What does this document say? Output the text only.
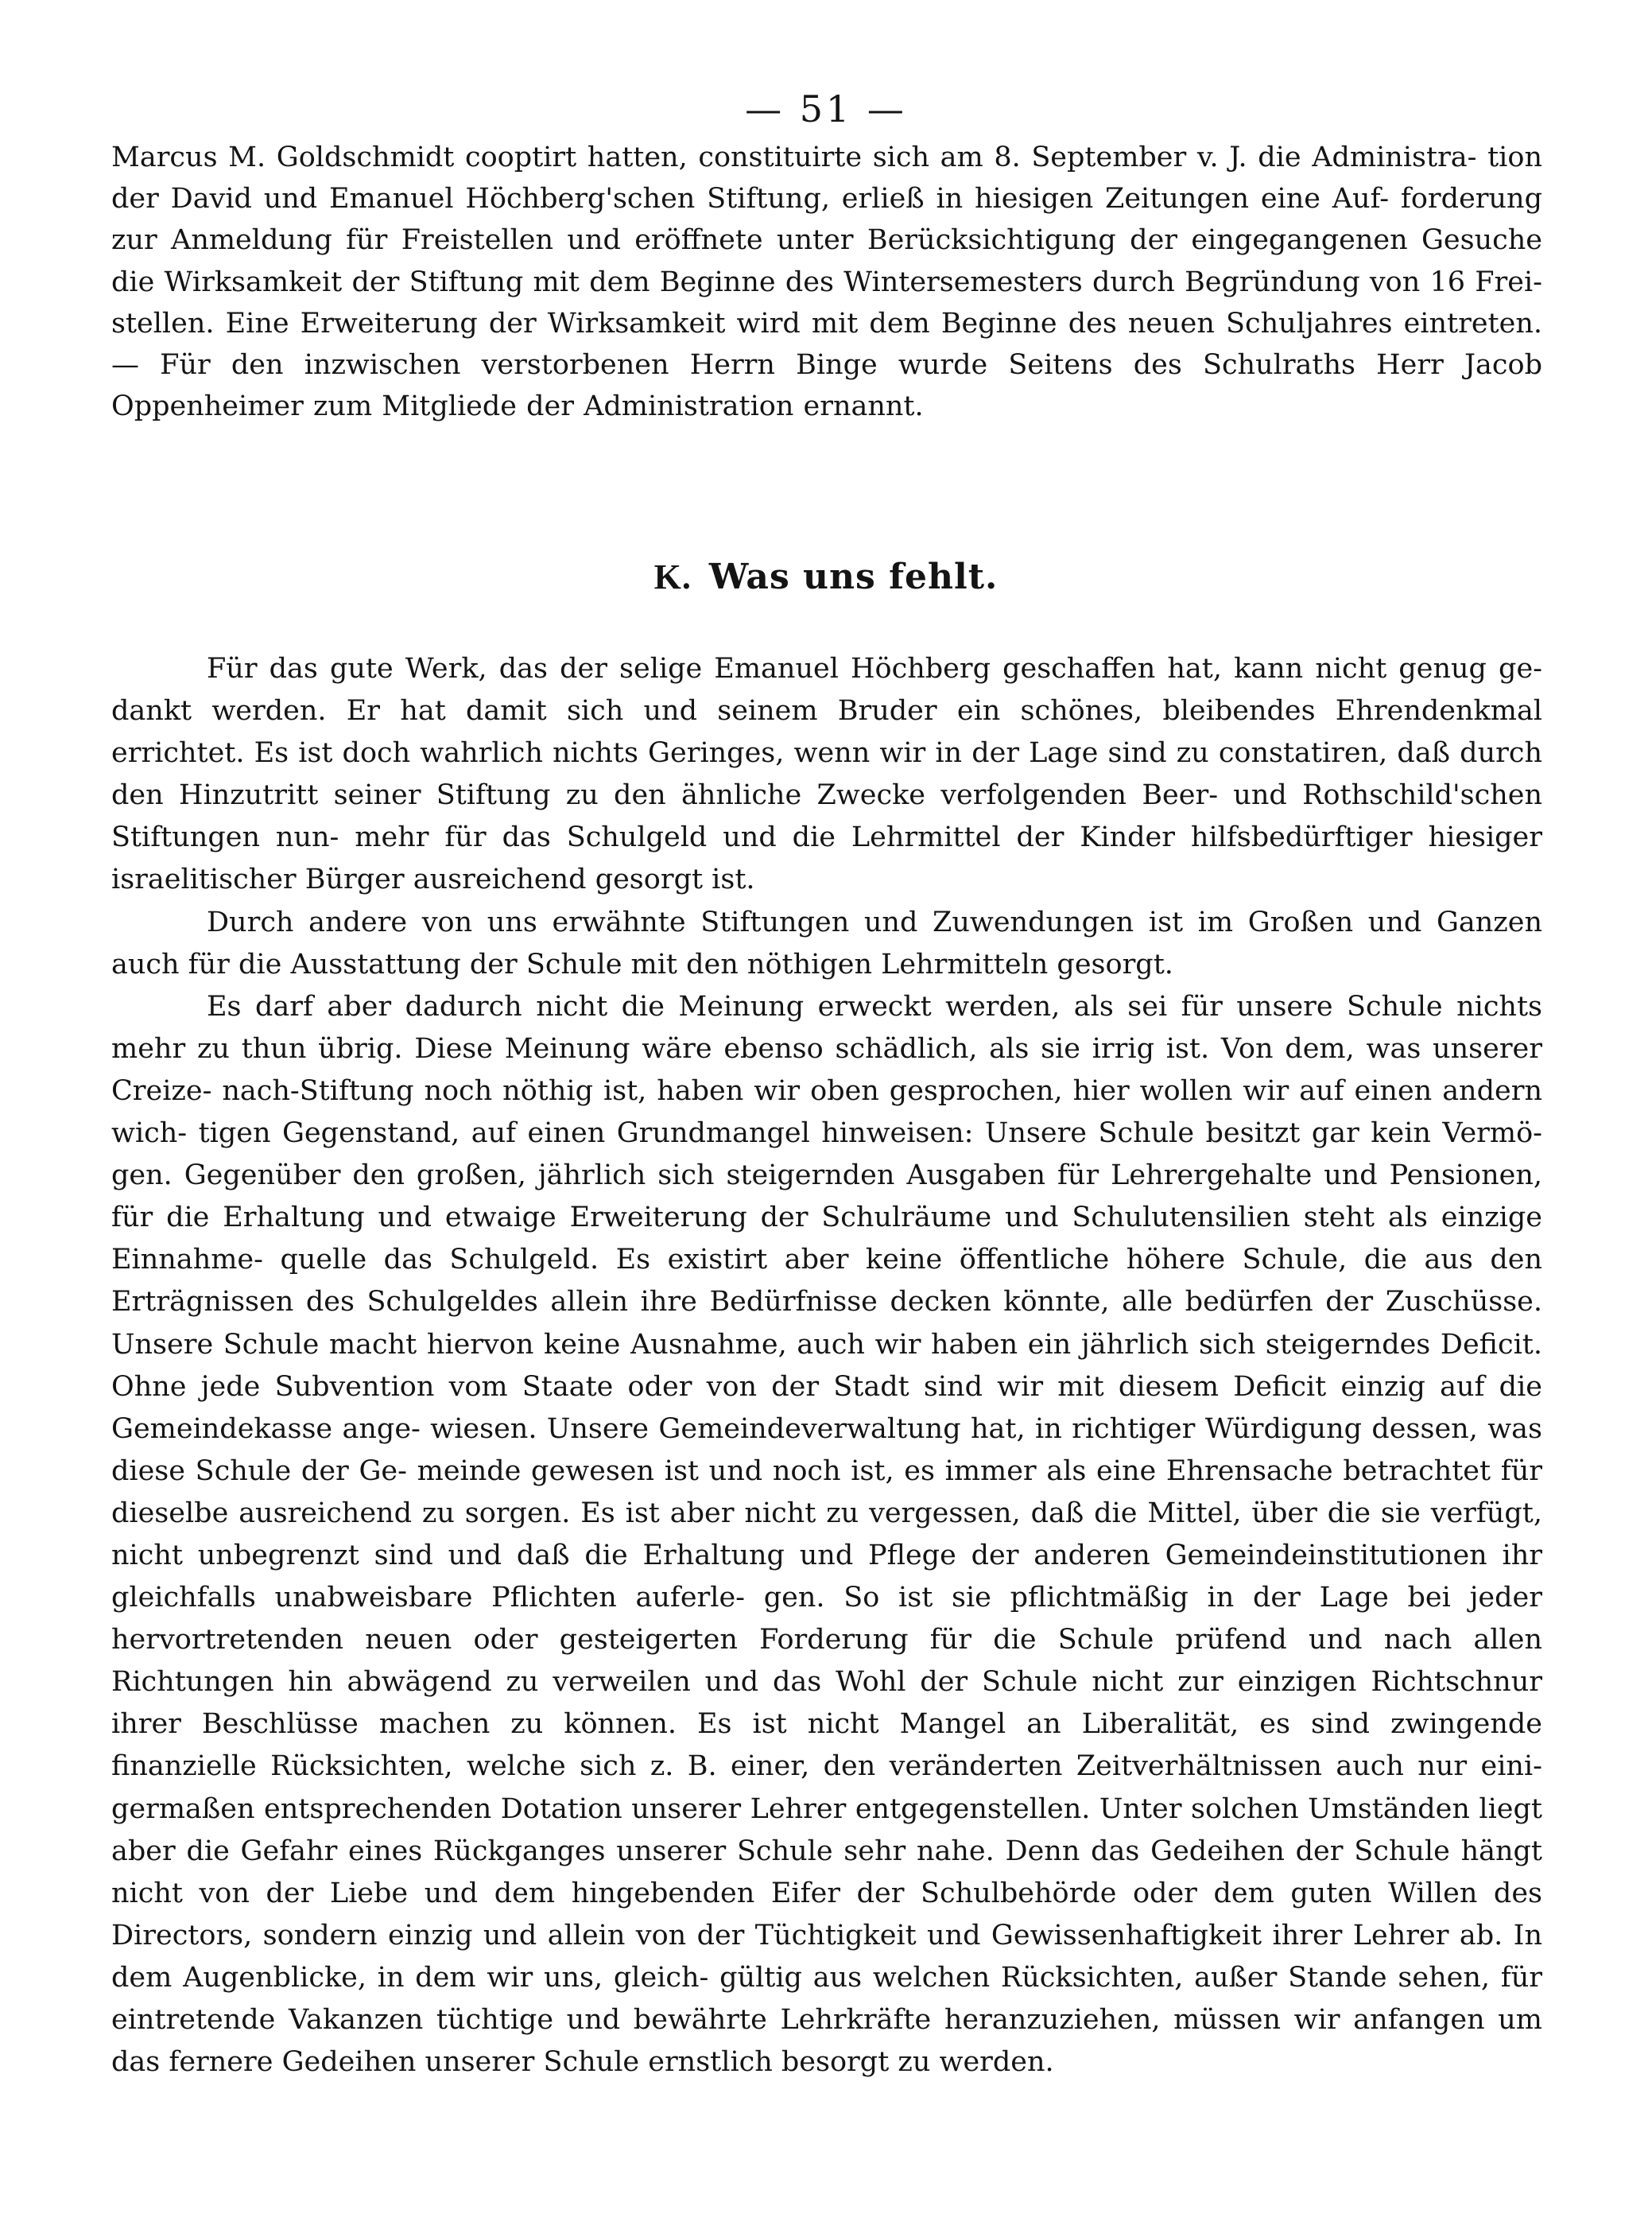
— 51 —

Marcus M. Goldschmidt cooptirt hatten, constituirte sich am 8. September v. J. die Administra- tion der David und Emanuel Höchberg'schen Stiftung, erließ in hiesigen Zeitungen eine Auf- forderung zur Anmeldung für Freistellen und eröffnete unter Berücksichtigung der eingegangenen Gesuche die Wirksamkeit der Stiftung mit dem Beginne des Wintersemesters durch Begründung von 16 Frei- stellen. Eine Erweiterung der Wirksamkeit wird mit dem Beginne des neuen Schuljahres eintreten. — Für den inzwischen verstorbenen Herrn Binge wurde Seitens des Schulraths Herr Jacob Oppenheimer zum Mitgliede der Administration ernannt.

K. Was uns fehlt.

Für das gute Werk, das der selige Emanuel Höchberg geschaffen hat, kann nicht genug ge- dankt werden. Er hat damit sich und seinem Bruder ein schönes, bleibendes Ehrendenkmal errichtet. Es ist doch wahrlich nichts Geringes, wenn wir in der Lage sind zu constatiren, daß durch den Hinzutritt seiner Stiftung zu den ähnliche Zwecke verfolgenden Beer- und Rothschild'schen Stiftungen nun- mehr für das Schulgeld und die Lehrmittel der Kinder hilfsbedürftiger hiesiger israelitischer Bürger ausreichend gesorgt ist.

Durch andere von uns erwähnte Stiftungen und Zuwendungen ist im Großen und Ganzen auch für die Ausstattung der Schule mit den nöthigen Lehrmitteln gesorgt.

Es darf aber dadurch nicht die Meinung erweckt werden, als sei für unsere Schule nichts mehr zu thun übrig. Diese Meinung wäre ebenso schädlich, als sie irrig ist. Von dem, was unserer Creize- nach-Stiftung noch nöthig ist, haben wir oben gesprochen, hier wollen wir auf einen andern wich- tigen Gegenstand, auf einen Grundmangel hinweisen: Unsere Schule besitzt gar kein Vermö- gen. Gegenüber den großen, jährlich sich steigernden Ausgaben für Lehrergehalte und Pensionen, für die Erhaltung und etwaige Erweiterung der Schulräume und Schulutensilien steht als einzige Einnahme- quelle das Schulgeld. Es existirt aber keine öffentliche höhere Schule, die aus den Erträgnissen des Schulgeldes allein ihre Bedürfnisse decken könnte, alle bedürfen der Zuschüsse. Unsere Schule macht hiervon keine Ausnahme, auch wir haben ein jährlich sich steigerndes Deficit. Ohne jede Subvention vom Staate oder von der Stadt sind wir mit diesem Deficit einzig auf die Gemeindekasse ange- wiesen. Unsere Gemeindeverwaltung hat, in richtiger Würdigung dessen, was diese Schule der Ge- meinde gewesen ist und noch ist, es immer als eine Ehrensache betrachtet für dieselbe ausreichend zu sorgen. Es ist aber nicht zu vergessen, daß die Mittel, über die sie verfügt, nicht unbegrenzt sind und daß die Erhaltung und Pflege der anderen Gemeindeinstitutionen ihr gleichfalls unabweisbare Pflichten auferle- gen. So ist sie pflichtmäßig in der Lage bei jeder hervortretenden neuen oder gesteigerten Forderung für die Schule prüfend und nach allen Richtungen hin abwägend zu verweilen und das Wohl der Schule nicht zur einzigen Richtschnur ihrer Beschlüsse machen zu können. Es ist nicht Mangel an Liberalität, es sind zwingende finanzielle Rücksichten, welche sich z. B. einer, den veränderten Zeitverhältnissen auch nur eini- germaßen entsprechenden Dotation unserer Lehrer entgegenstellen. Unter solchen Umständen liegt aber die Gefahr eines Rückganges unserer Schule sehr nahe. Denn das Gedeihen der Schule hängt nicht von der Liebe und dem hingebenden Eifer der Schulbehörde oder dem guten Willen des Directors, sondern einzig und allein von der Tüchtigkeit und Gewissenhaftigkeit ihrer Lehrer ab. In dem Augenblicke, in dem wir uns, gleich- gültig aus welchen Rücksichten, außer Stande sehen, für eintretende Vakanzen tüchtige und bewährte Lehrkräfte heranzuziehen, müssen wir anfangen um das fernere Gedeihen unserer Schule ernstlich besorgt zu werden.
